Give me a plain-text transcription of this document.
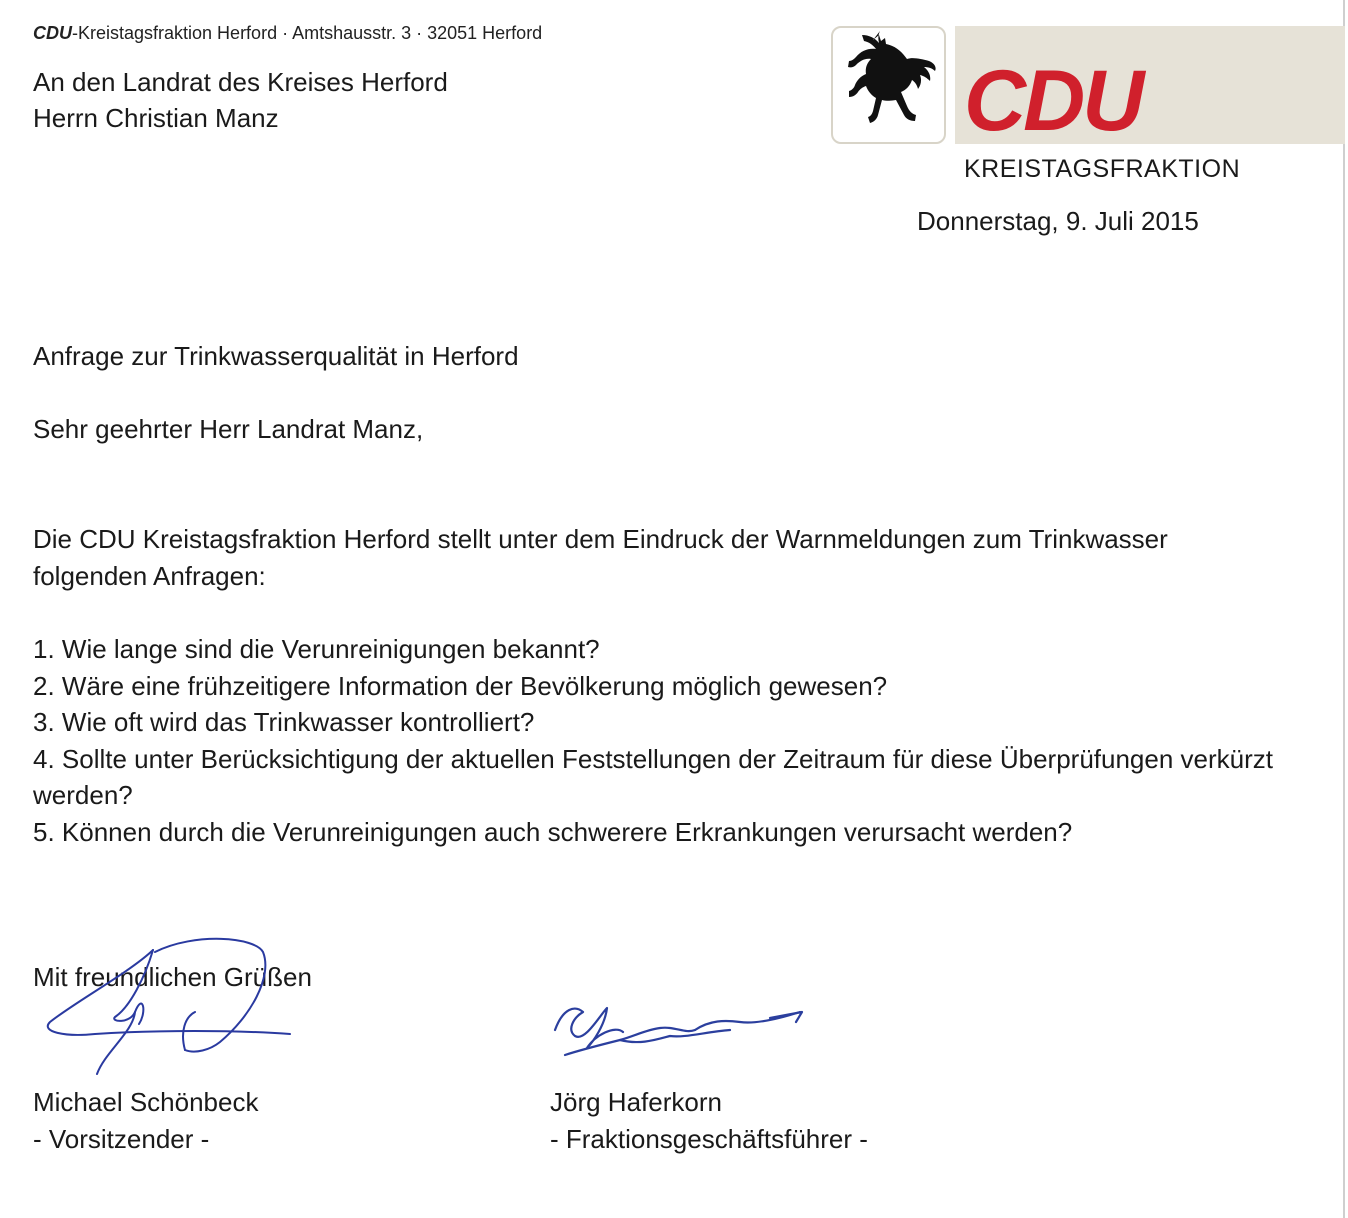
CDU-Kreistagsfraktion Herford · Amtshausstr. 3 · 32051 Herford
An den Landrat des Kreises Herford
Herrn Christian Manz	CDU
KREISTAGSFRAKTION
Donnerstag, 9. Juli 2015
Anfrage zur Trinkwasserqualität in Herford
Sehr geehrter Herr Landrat Manz,
Die CDU Kreistagsfraktion Herford stellt unter dem Eindruck der Warnmeldungen zum Trinkwasser folgenden Anfragen:
1. Wie lange sind die Verunreinigungen bekannt?
2. Wäre eine frühzeitigere Information der Bevölkerung möglich gewesen?
3. Wie oft wird das Trinkwasser kontrolliert?
4. Sollte unter Berücksichtigung der aktuellen Feststellungen der Zeitraum für diese Überprüfungen verkürzt werden?
5. Können durch die Verunreinigungen auch schwerere Erkrankungen verursacht werden?
Mit freundlichen Grüßen
Michael Schönbeck
- Vorsitzender -
Jörg Haferkorn
- Fraktionsgeschäftsführer -
